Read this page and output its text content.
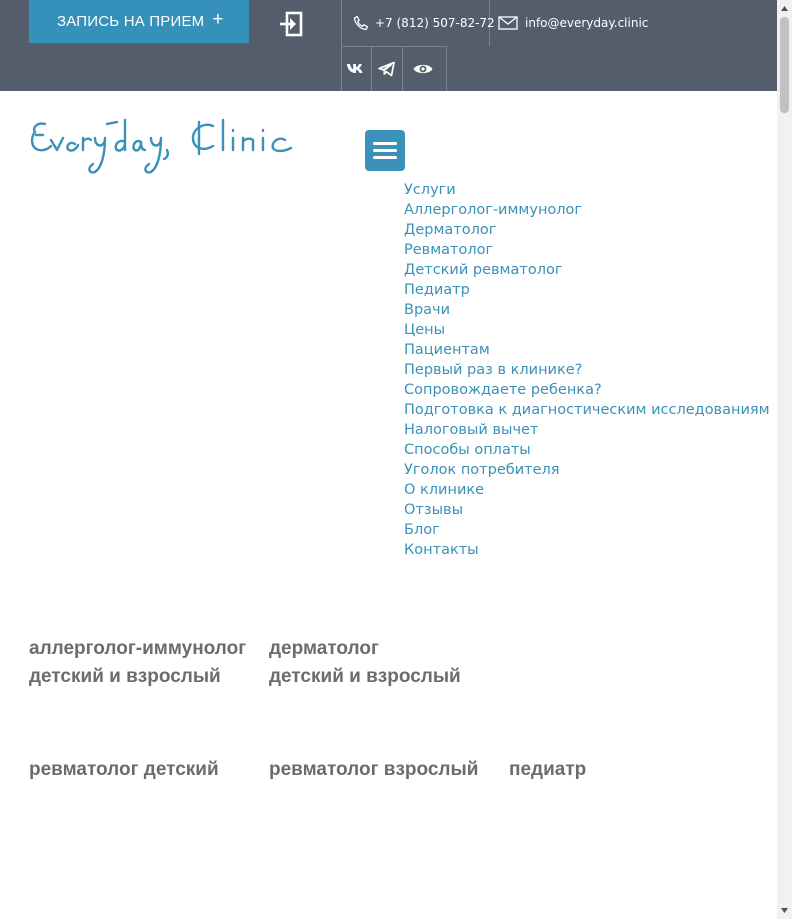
ЗАПИСЬ НА ПРИЕМ +	+7 (812) 507-82-72	info@everyday.clinic
Услуги
Аллерголог-иммунолог
Дерматолог
Ревматолог
Детский ревматолог
Педиатр
Врачи
Цены
Пациентам
Первый раз в клинике?
Сопровождаете ребенка?
Подготовка к диагностическим исследованиям
Налоговый вычет
Способы оплаты
Уголок потребителя
О клинике
Отзывы
Блог
Контакты
аллерголог-иммунолог
детский и взрослый
дерматолог
детский и взрослый
ревматолог детский	ревматолог взрослый педиатр
